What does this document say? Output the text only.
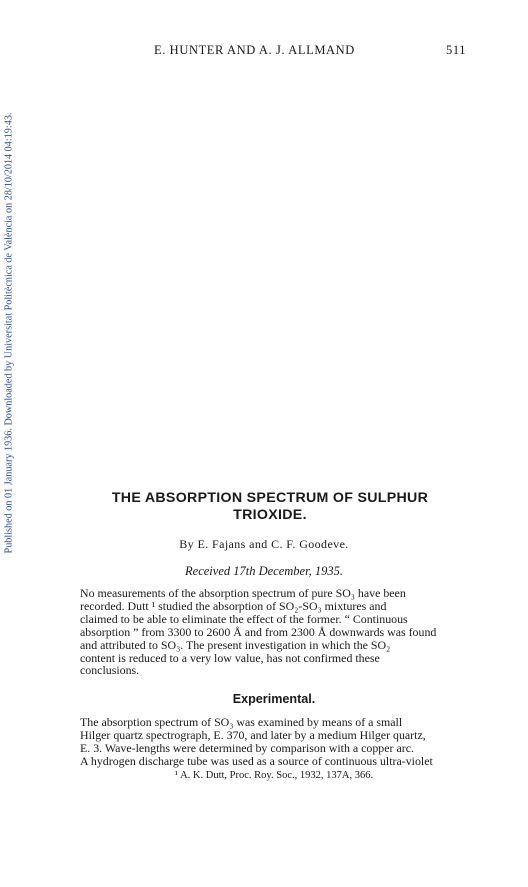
Published on 01 January 1936. Downloaded by Universitat Politècnica de València on 28/10/2014 04:19:43.
E. HUNTER AND A. J. ALLMAND	511
THE ABSORPTION SPECTRUM OF SULPHUR
TRIOXIDE.
By E. Fajans and C. F. Goodeve.
Received 17th December, 1935.
No measurements of the absorption spectrum of pure SO₃ have been
recorded. Dutt ¹ studied the absorption of SO₂-SO₃ mixtures and
claimed to be able to eliminate the effect of the former. “ Continuous
absorption ” from 3300 to 2600 Å and from 2300 Å downwards was found
and attributed to SO₃. The present investigation in which the SO₂
content is reduced to a very low value, has not confirmed these
conclusions.
Experimental.
The absorption spectrum of SO₃ was examined by means of a small
Hilger quartz spectrograph, E. 370, and later by a medium Hilger quartz,
E. 3. Wave-lengths were determined by comparison with a copper arc.
A hydrogen discharge tube was used as a source of continuous ultra-violet
¹ A. K. Dutt, Proc. Roy. Soc., 1932, 137A, 366.
